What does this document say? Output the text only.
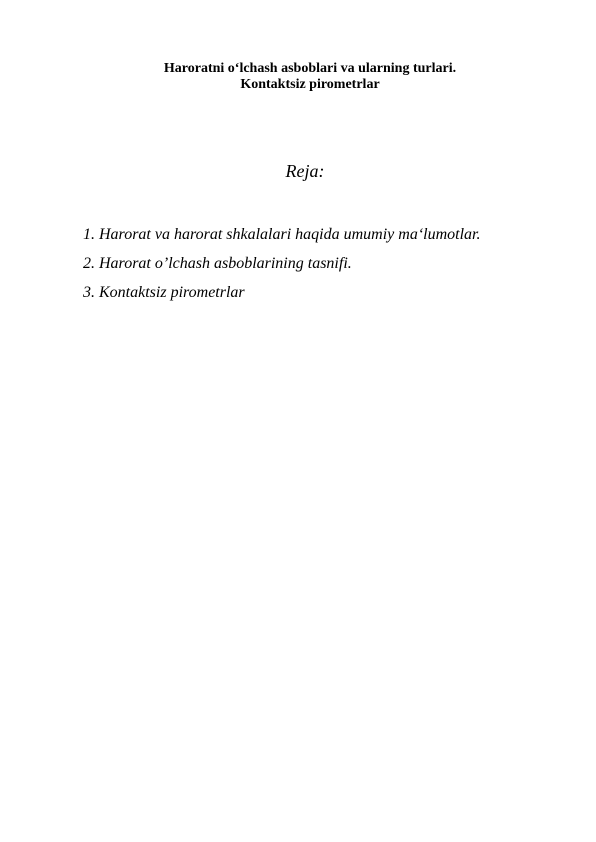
Haroratni o‘lchash asboblari va ularning turlari.
Kontaktsiz pirometrlar
Reja:
1. Harorat va harorat shkalalari haqida umumiy ma‘lumotlar.
2. Harorat o’lchash asboblarining tasnifi.
3. Kontaktsiz pirometrlar
